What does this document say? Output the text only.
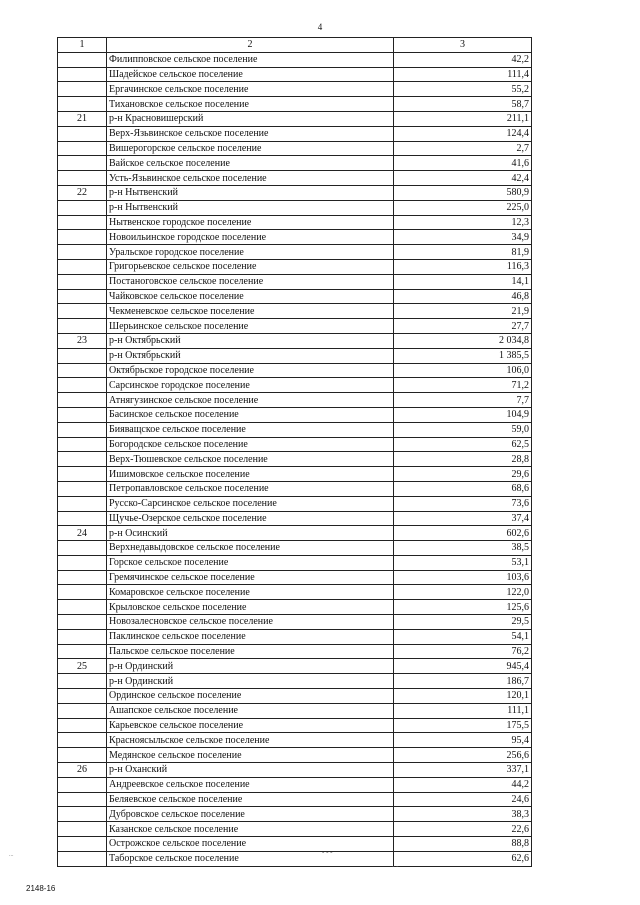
4
1	2	3
	Филипповское сельское поселение	42,2
	Шадейское сельское поселение	111,4
	Ергачинское сельское поселение	55,2
	Тихановское сельское поселение	58,7
21	р-н Красновишерский	211,1
	Верх-Язьвинское сельское поселение	124,4
	Вишерогорское сельское поселение	2,7
	Вайское сельское поселение	41,6
	Усть-Язьвинское сельское поселение	42,4
22	р-н Нытвенский	580,9
	р-н Нытвенский	225,0
	Нытвенское городское поселение	12,3
	Новоильинское городское поселение	34,9
	Уральское городское поселение	81,9
	Григорьевское сельское поселение	116,3
	Постаноговское сельское поселение	14,1
	Чайковское сельское поселение	46,8
	Чекменевское сельское поселение	21,9
	Шерьинское сельское поселение	27,7
23	р-н Октябрьский	2 034,8
	р-н Октябрьский	1 385,5
	Октябрьское городское поселение	106,0
	Сарсинское городское поселение	71,2
	Атнягузинское сельское поселение	7,7
	Басинское сельское поселение	104,9
	Бияващское сельское поселение	59,0
	Богородское сельское поселение	62,5
	Верх-Тюшевское сельское поселение	28,8
	Ишимовское сельское поселение	29,6
	Петропавловское сельское поселение	68,6
	Русско-Сарсинское сельское поселение	73,6
	Щучье-Озерское сельское поселение	37,4
24	р-н Осинский	602,6
	Верхнедавыдовское сельское поселение	38,5
	Горское сельское поселение	53,1
	Гремячинское сельское поселение	103,6
	Комаровское сельское поселение	122,0
	Крыловское сельское поселение	125,6
	Новозалесновское сельское поселение	29,5
	Паклинское сельское поселение	54,1
	Пальское сельское поселение	76,2
25	р-н Ординский	945,4
	р-н Ординский	186,7
	Ординское сельское поселение	120,1
	Ашапское сельское поселение	111,1
	Карьевское сельское поселение	175,5
	Красноясыльское сельское поселение	95,4
	Медянское сельское поселение	256,6
26	р-н Оханский	337,1
	Андреевское сельское поселение	44,2
	Беляевское сельское поселение	24,6
	Дубровское сельское поселение	38,3
	Казанское сельское поселение	22,6
	Острожское сельское поселение	88,8
	Таборское сельское поселение	62,6
...	- - -
- -
2148-16
